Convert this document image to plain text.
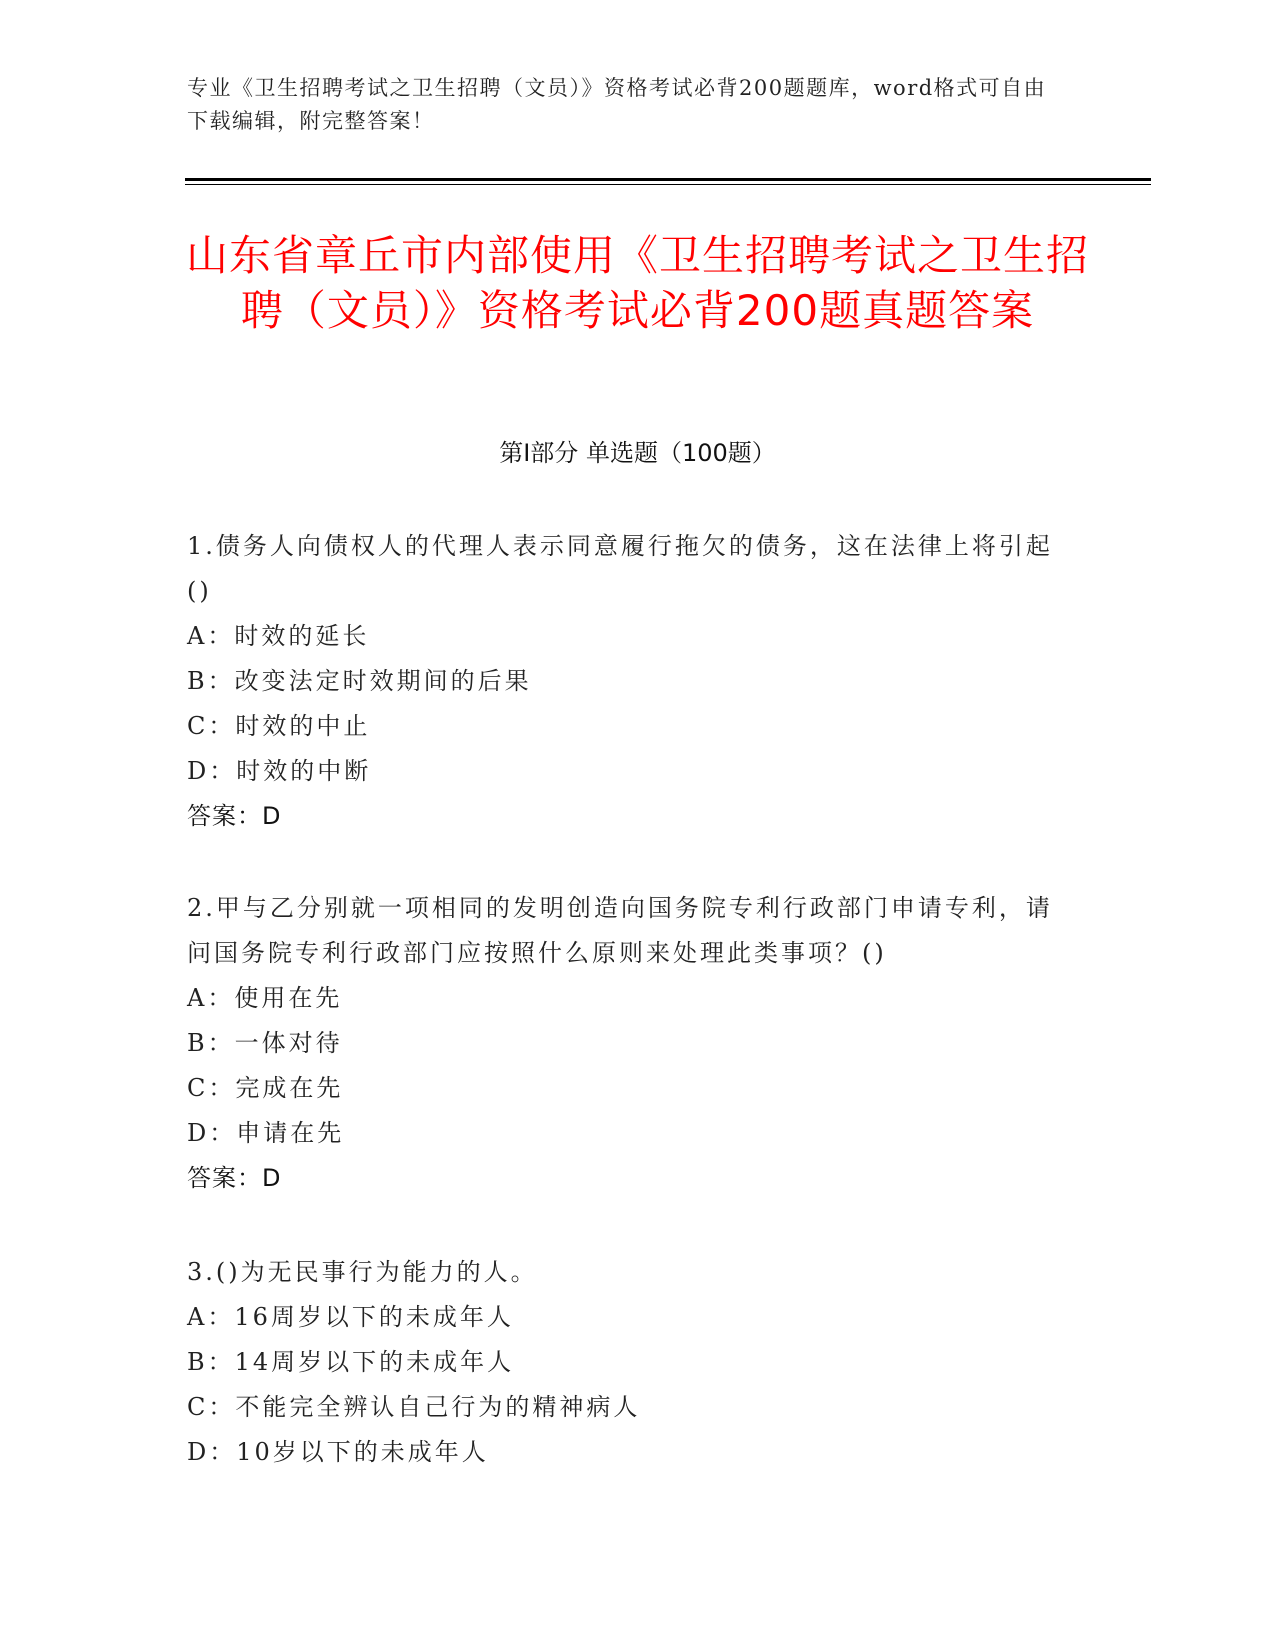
专业《卫生招聘考试之卫生招聘（文员）》资格考试必背200题题库，word格式可自由下载编辑，附完整答案！
山东省章丘市内部使用《卫生招聘考试之卫生招聘（文员）》资格考试必背200题真题答案
第I部分 单选题（100题）
1.债务人向债权人的代理人表示同意履行拖欠的债务，这在法律上将引起()
A：时效的延长
B：改变法定时效期间的后果
C：时效的中止
D：时效的中断
答案：D
2.甲与乙分别就一项相同的发明创造向国务院专利行政部门申请专利，请问国务院专利行政部门应按照什么原则来处理此类事项？()
A：使用在先
B：一体对待
C：完成在先
D：申请在先
答案：D
3.()为无民事行为能力的人。
A：16周岁以下的未成年人
B：14周岁以下的未成年人
C：不能完全辨认自己行为的精神病人
D：10岁以下的未成年人
